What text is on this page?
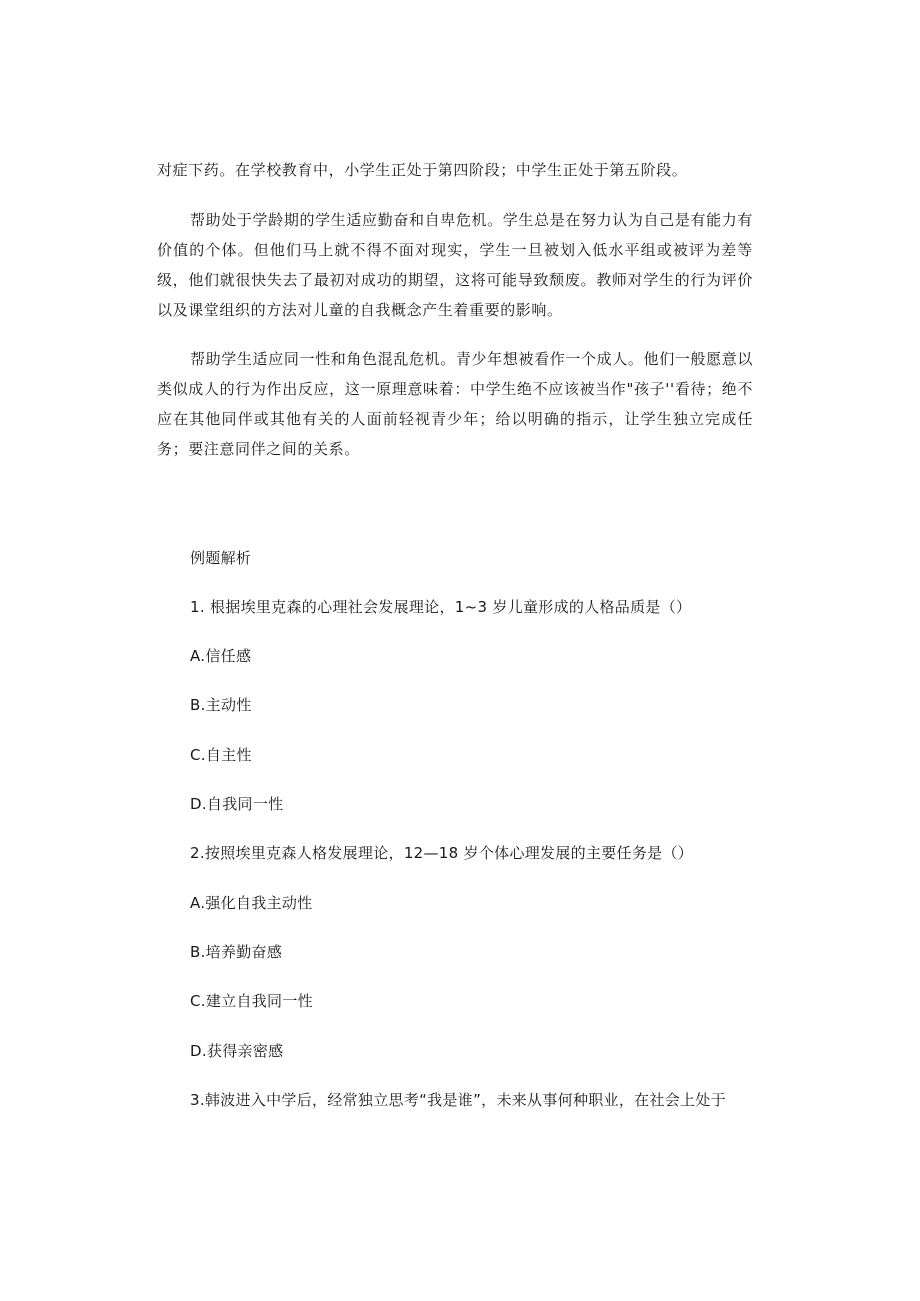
对症下药。在学校教育中，小学生正处于第四阶段；中学生正处于第五阶段。

帮助处于学龄期的学生适应勤奋和自卑危机。学生总是在努力认为自己是有能力有价值的个体。但他们马上就不得不面对现实，学生一旦被划入低水平组或被评为差等级，他们就很快失去了最初对成功的期望，这将可能导致颓废。教师对学生的行为评价以及课堂组织的方法对儿童的自我概念产生着重要的影响。

帮助学生适应同一性和角色混乱危机。青少年想被看作一个成人。他们一般愿意以类似成人的行为作出反应，这一原理意味着：中学生绝不应该被当作"孩子''看待；绝不应在其他同伴或其他有关的人面前轻视青少年；给以明确的指示，让学生独立完成任务；要注意同伴之间的关系。

例题解析

1. 根据埃里克森的心理社会发展理论，1~3 岁儿童形成的人格品质是（）

A.信任感

B.主动性

C.自主性

D.自我同一性

2.按照埃里克森人格发展理论，12—18 岁个体心理发展的主要任务是（）

A.强化自我主动性

B.培养勤奋感

C.建立自我同一性

D.获得亲密感

3.韩波进入中学后，经常独立思考“我是谁”，未来从事何种职业，在社会上处于
